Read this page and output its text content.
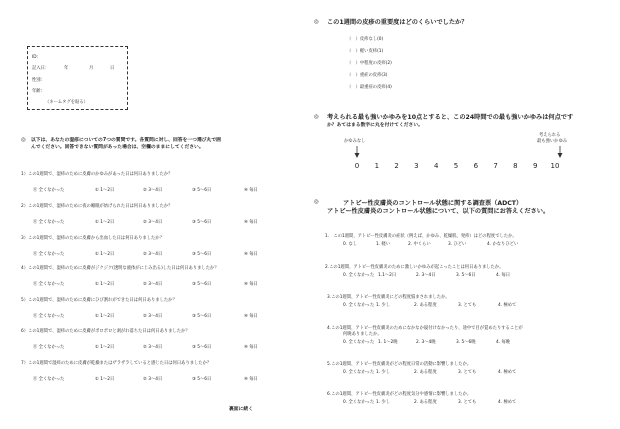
ID:
記入日：	年	月	日
性別:
年齢:
（ネームタグを貼る）
◎ 以下は、あなたの湿疹についての7つの質問です。各質問に対し、回答を一つ選び丸で囲
んでください。回答できない質問があった場合は、空欄のままにしてください。
1）この1週間で、湿疹のために皮膚のかゆみがあった日は何日ありましたか？
⓪ 全くなかった	① 1～2日	② 3～4日	③ 5～6日	④ 毎日
2）この1週間で、湿疹のために夜の睡眠が妨げられた日は何日ありましたか？
⓪ 全くなかった	① 1～2日	② 3～4日	③ 5～6日	④ 毎日
3）この1週間で、湿疹のために皮膚から出血した日は何日ありましたか？
⓪ 全くなかった	① 1～2日	② 3～4日	③ 5～6日	④ 毎日
4）この1週間で、湿疹のために皮膚がジクジク(透明な液体がにじみ出る)した日は何日ありましたか？
⓪ 全くなかった	① 1～2日	② 3～4日	③ 5～6日	④ 毎日
5）この1週間で、湿疹のために皮膚にひび割れができた日は何日ありましたか？
⓪ 全くなかった	① 1～2日	② 3～4日	③ 5～6日	④ 毎日
6）この1週間で、湿疹のために皮膚がポロポロと剥がれ落ちた日は何日ありましたか？
⓪ 全くなかった	① 1～2日	② 3～4日	③ 5～6日	④ 毎日
7）この1週間で湿疹のために皮膚が乾燥またはザラザラしていると感じた日は何日ありましたか？
⓪ 全くなかった	① 1～2日	② 3～4日	③ 5～6日	④ 毎日
裏面に続く
◎ この1週間の皮疹の重要度はどのくらいでしたか？
（　）皮疹なし(0)
（　）軽い皮疹(1)
（　）中程度の皮疹(2)
（　）重症の皮疹(3)
（　）最重症の皮疹(4)
◎ 考えられる最も強いかゆみを10点とすると、この24時間での最も強いかゆみは何点です
か？あてはまる数字に丸を付けてください。
かゆみなし
考えられる
最も強いかゆみ
0	1	2	3	4	5	6	7	8	9	10
◎	アトピー性皮膚炎のコントロール状態に関する調査票（ADCT）
アトピー性皮膚炎のコントロール状態について、以下の質問にお答えください。
1.　この1週間、アトピー性皮膚炎の症状（例えば、かゆみ、乾燥肌、発疹）はどの程度でしたか。
2.この1週間、アトピー性皮膚炎のために激しいかゆみが起こったことは何日ありましたか。
3.この1週間、アトピー性皮膚炎にどの程度悩まされましたか。
4.この1週間、アトピー性皮膚炎のためになかなか寝付けなかったり、途中で目が覚めたりすることが
何晩ありましたか。
5.この1週間、アトピー性皮膚炎がどの程度日常の活動に影響しましたか。
6.この1週間、アトピー性皮膚炎がどの程度気分や感情に影響しましたか。
0. なし	1. 軽い	2. 中くらい	3. ひどい	4. かなりひどい
0. 全くなかった 1.1～2日	2. 3～4日	3. 5～6日	4. 毎日
0. 全くなかった 1. 少し	2. ある程度	3. とても	4. 極めて
0. 全くなかった 1. 1～2晩	2. 3～4晩	3. 5～6晩	4. 毎晩
0. 全くなかった 1. 少し	2. ある程度	3. とても	4. 極めて
0. 全くなかった 1. 少し	2. ある程度	3. とても	4. 極めて
